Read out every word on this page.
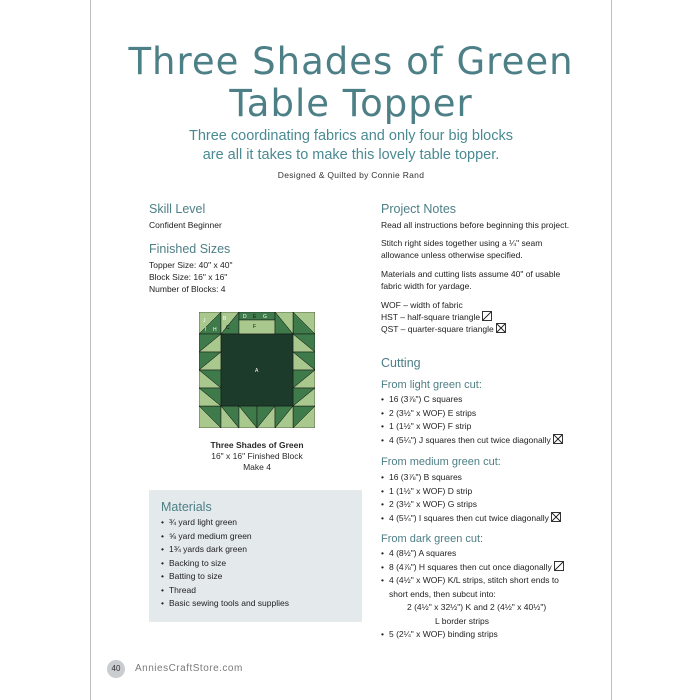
Three Shades of Green
Table Topper
Three coordinating fabrics and only four big blocks
are all it takes to make this lovely table topper.
Designed & Quilted by Connie Rand
Skill Level
Confident Beginner
Finished Sizes
Topper Size: 40" x 40"
Block Size: 16" x 16"
Number of Blocks: 4
J	B	D E G
F
I H C
A
Three Shades of Green
16" x 16" Finished Block
Make 4
Materials
• ¾ yard light green
• ⅝ yard medium green
• 1¾ yards dark green
• Backing to size
• Batting to size
• Thread
• Basic sewing tools and supplies
Project Notes
Read all instructions before beginning this project.
Stitch right sides together using a ¼" seam
allowance unless otherwise specified.
Materials and cutting lists assume 40" of usable
fabric width for yardage.
WOF – width of fabric
HST – half-square triangle
QST – quarter-square triangle
Cutting
From light green cut:
• 16 (3⅞") C squares
• 2 (3½" x WOF) E strips
• 1 (1½" x WOF) F strip
• 4 (5¼") J squares then cut twice diagonally
From medium green cut:
• 16 (3⅞") B squares
• 1 (1½" x WOF) D strip
• 2 (3½" x WOF) G strips
• 4 (5¼") I squares then cut twice diagonally
From dark green cut:
• 4 (8½") A squares
• 8 (4⅞") H squares then cut once diagonally
• 4 (4½" x WOF) K/L strips, stitch short ends to
short ends, then subcut into:
2 (4½" x 32½") K and 2 (4½" x 40½")
L border strips
• 5 (2¼" x WOF) binding strips
40	AnniesCraftStore.com
